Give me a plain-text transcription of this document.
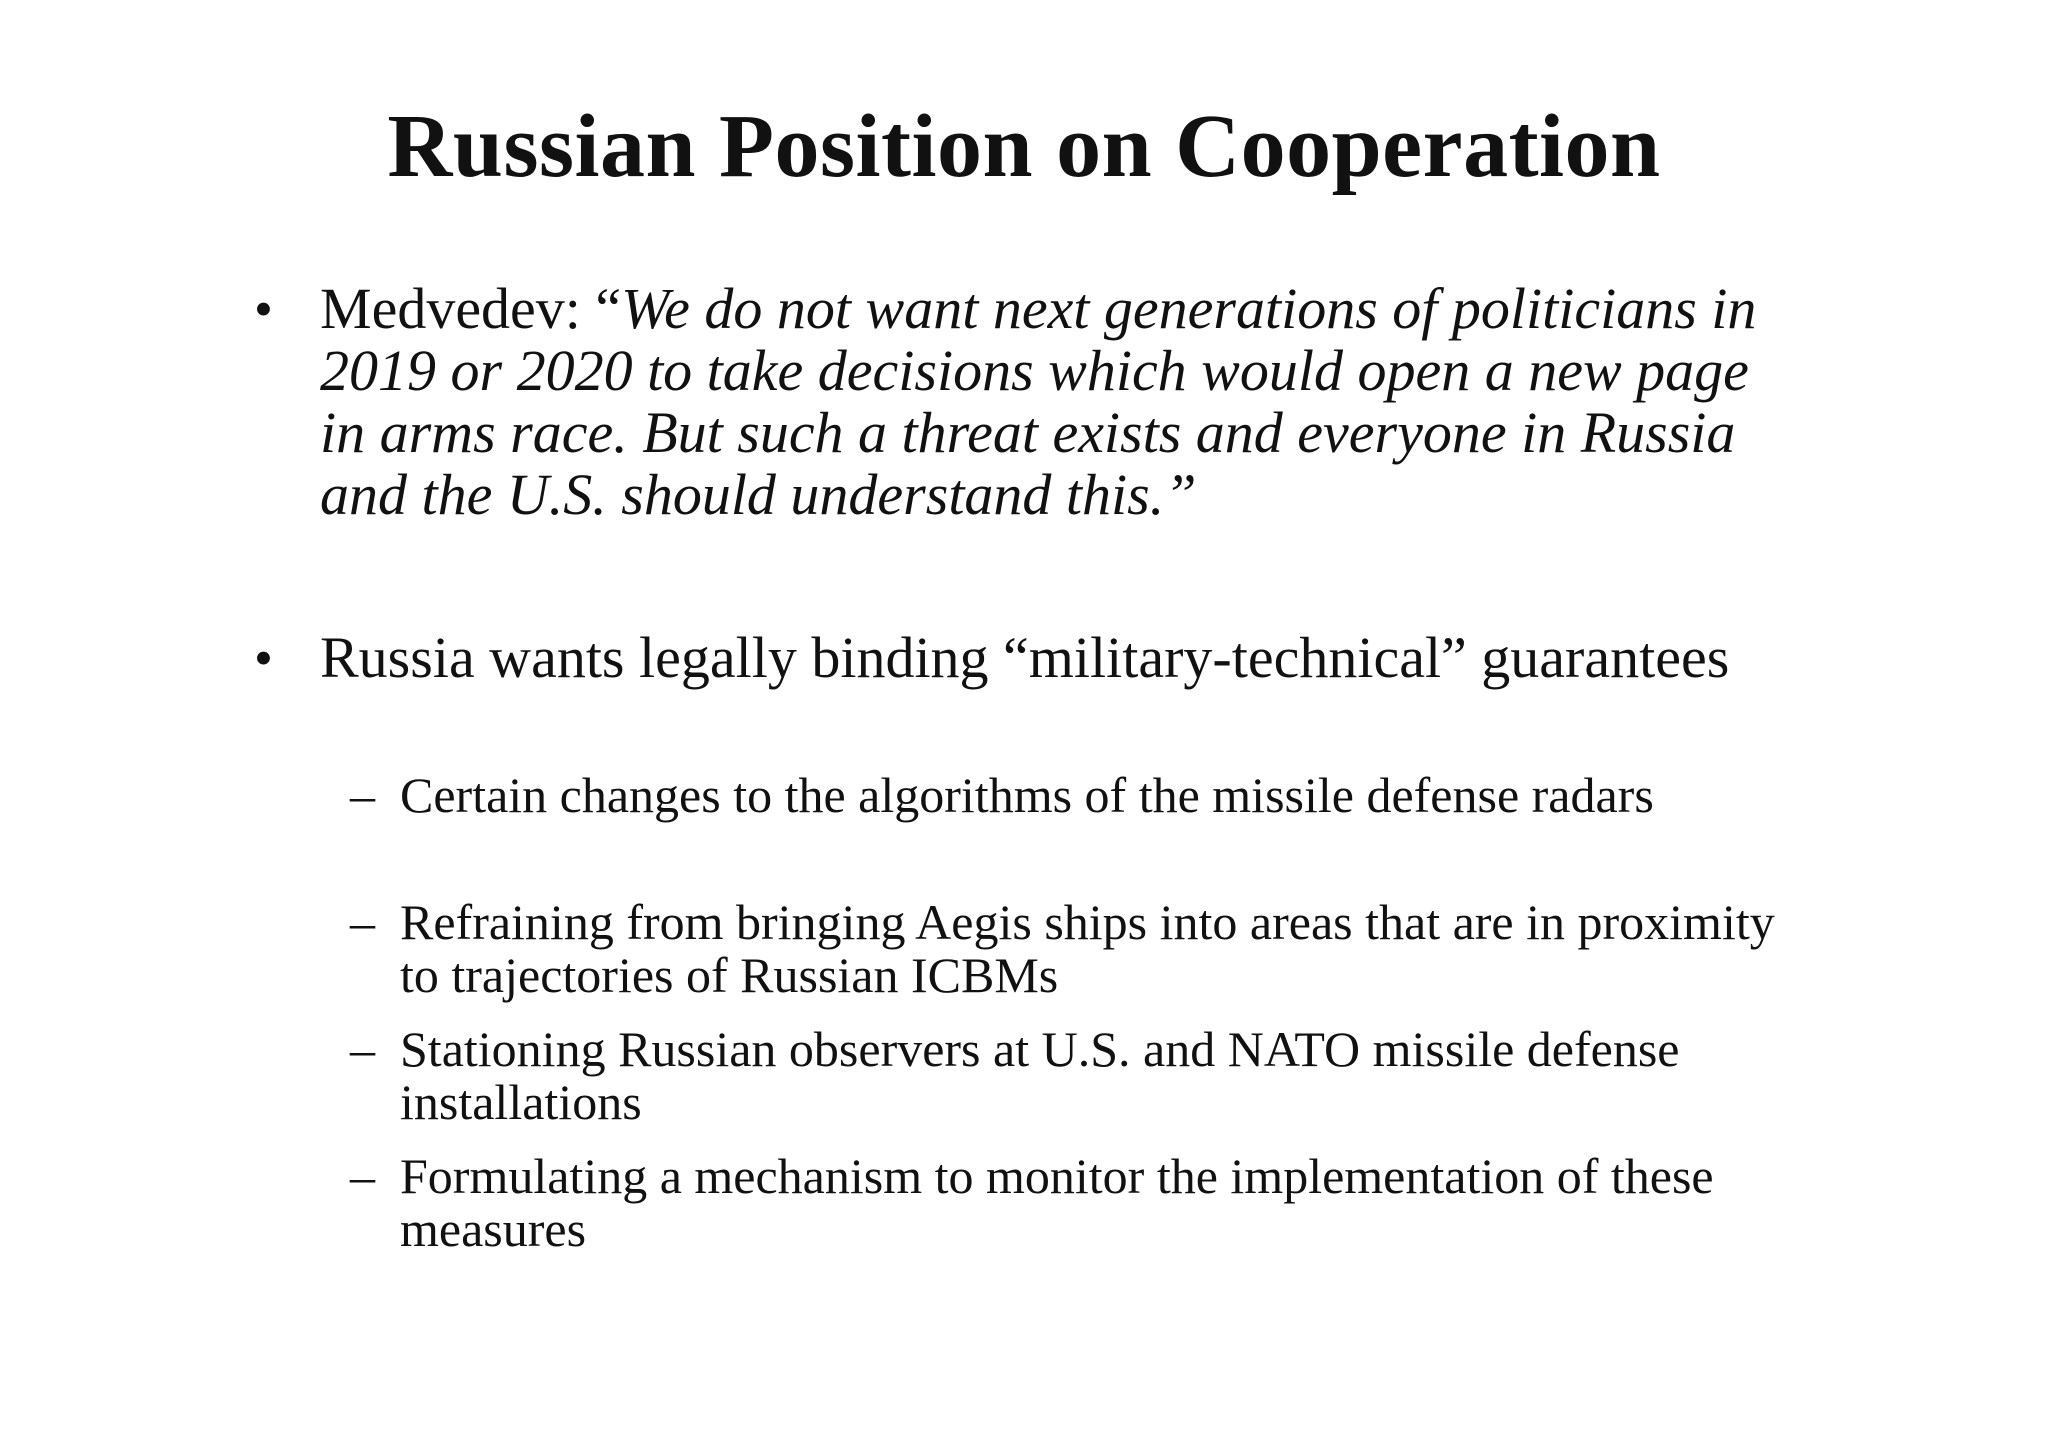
Russian Position on Cooperation

• Medvedev: “We do not want next generations of politicians in 2019 or 2020 to take decisions which would open a new page in arms race. But such a threat exists and everyone in Russia and the U.S. should understand this.”

• Russia wants legally binding “military-technical” guarantees

– Certain changes to the algorithms of the missile defense radars

– Refraining from bringing Aegis ships into areas that are in proximity to trajectories of Russian ICBMs

– Stationing Russian observers at U.S. and NATO missile defense installations

– Formulating a mechanism to monitor the implementation of these measures
